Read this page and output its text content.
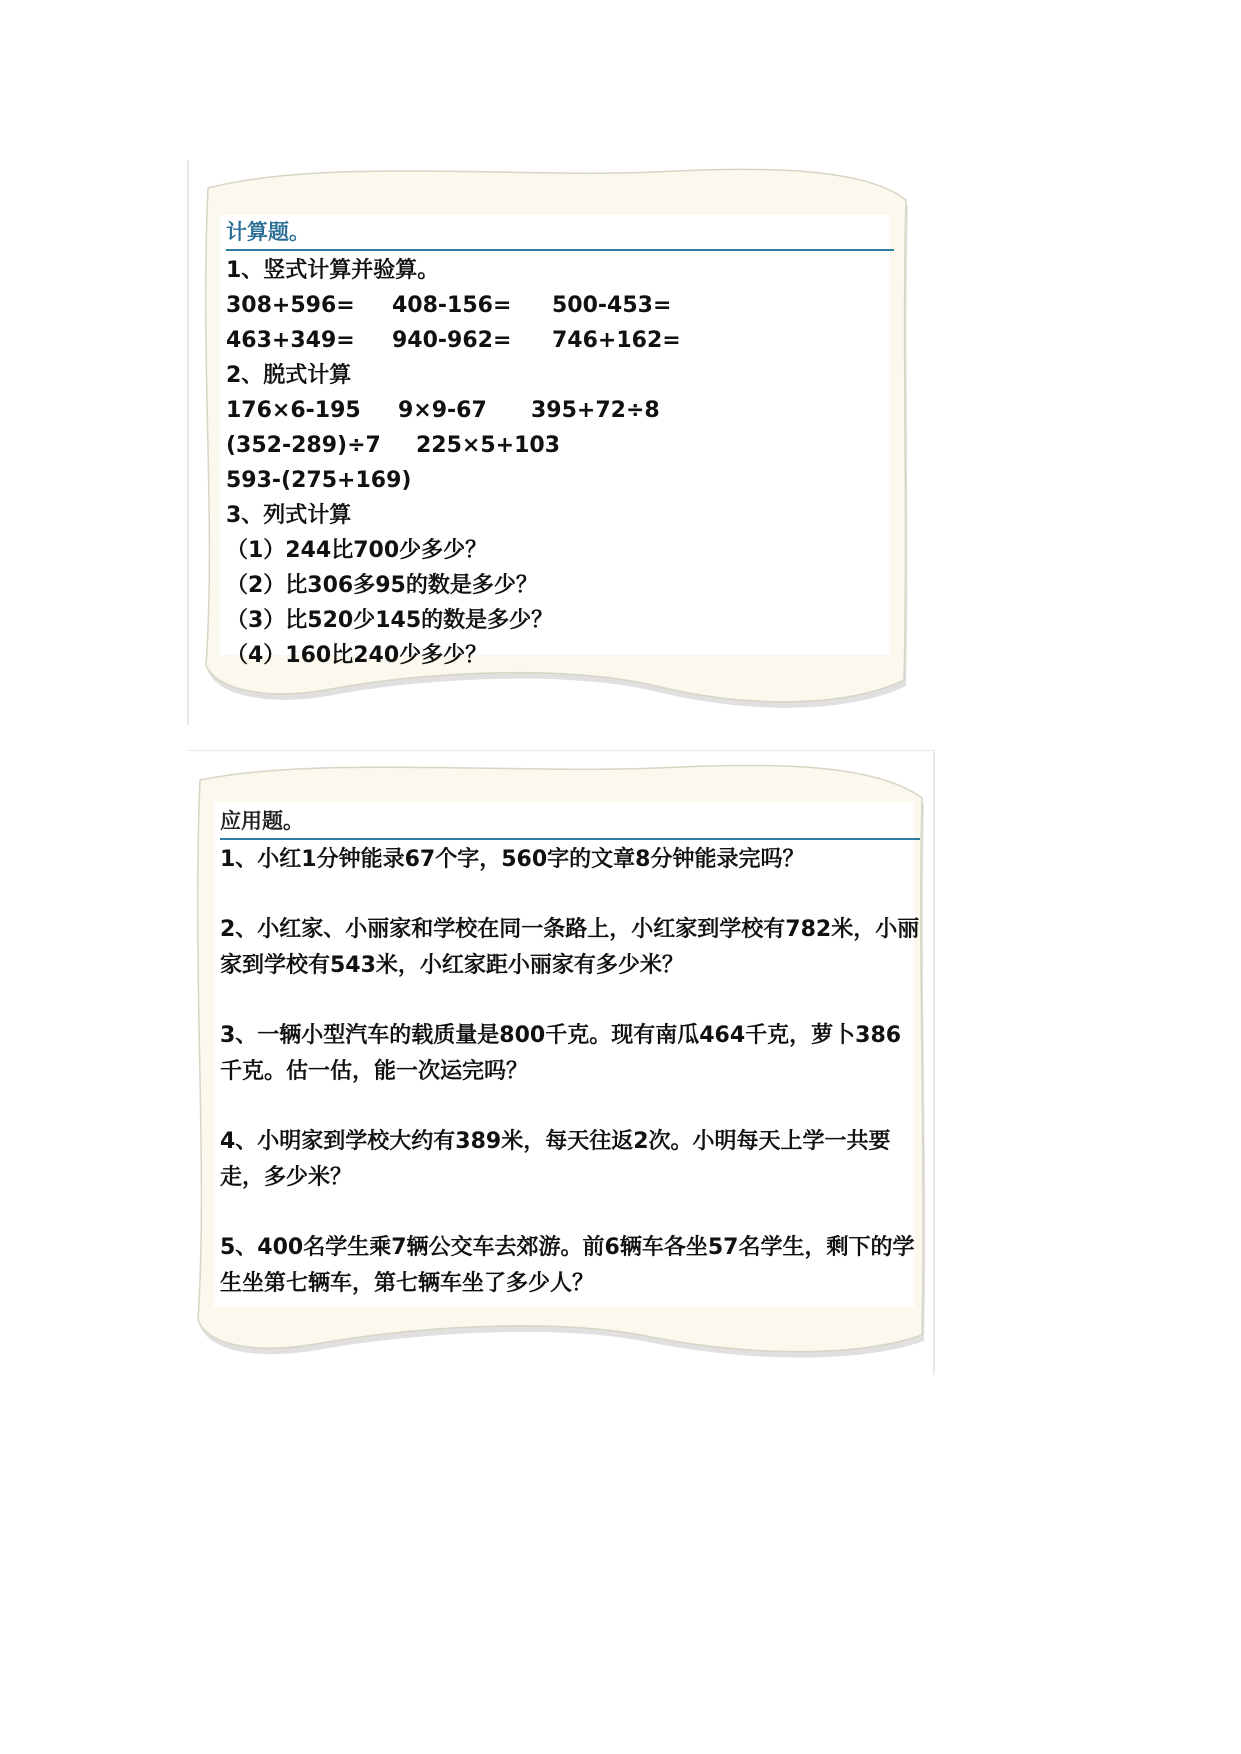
计算题。
1、竖式计算并验算。
308+596=	408-156=	500-453=
463+349=	940-962=	746+162=
2、脱式计算
176×6-195	9×9-67	395+72÷8
(352-289)÷7	225×5+103
593-(275+169)
3、列式计算
（1）244比700少多少？
（2）比306多95的数是多少？
（3）比520少145的数是多少？
（4）160比240少多少？
应用题。
1、小红1分钟能录67个字，560字的文章8分钟能录完吗？
2、小红家、小丽家和学校在同一条路上，小红家到学校有782米，小丽家到学校有543米，小红家距小丽家有多少米？
3、一辆小型汽车的载质量是800千克。现有南瓜464千克，萝卜386千克。估一估，能一次运完吗？
4、小明家到学校大约有389米，每天往返2次。小明每天上学一共要走，多少米？
5、400名学生乘7辆公交车去郊游。前6辆车各坐57名学生，剩下的学生坐第七辆车，第七辆车坐了多少人？
